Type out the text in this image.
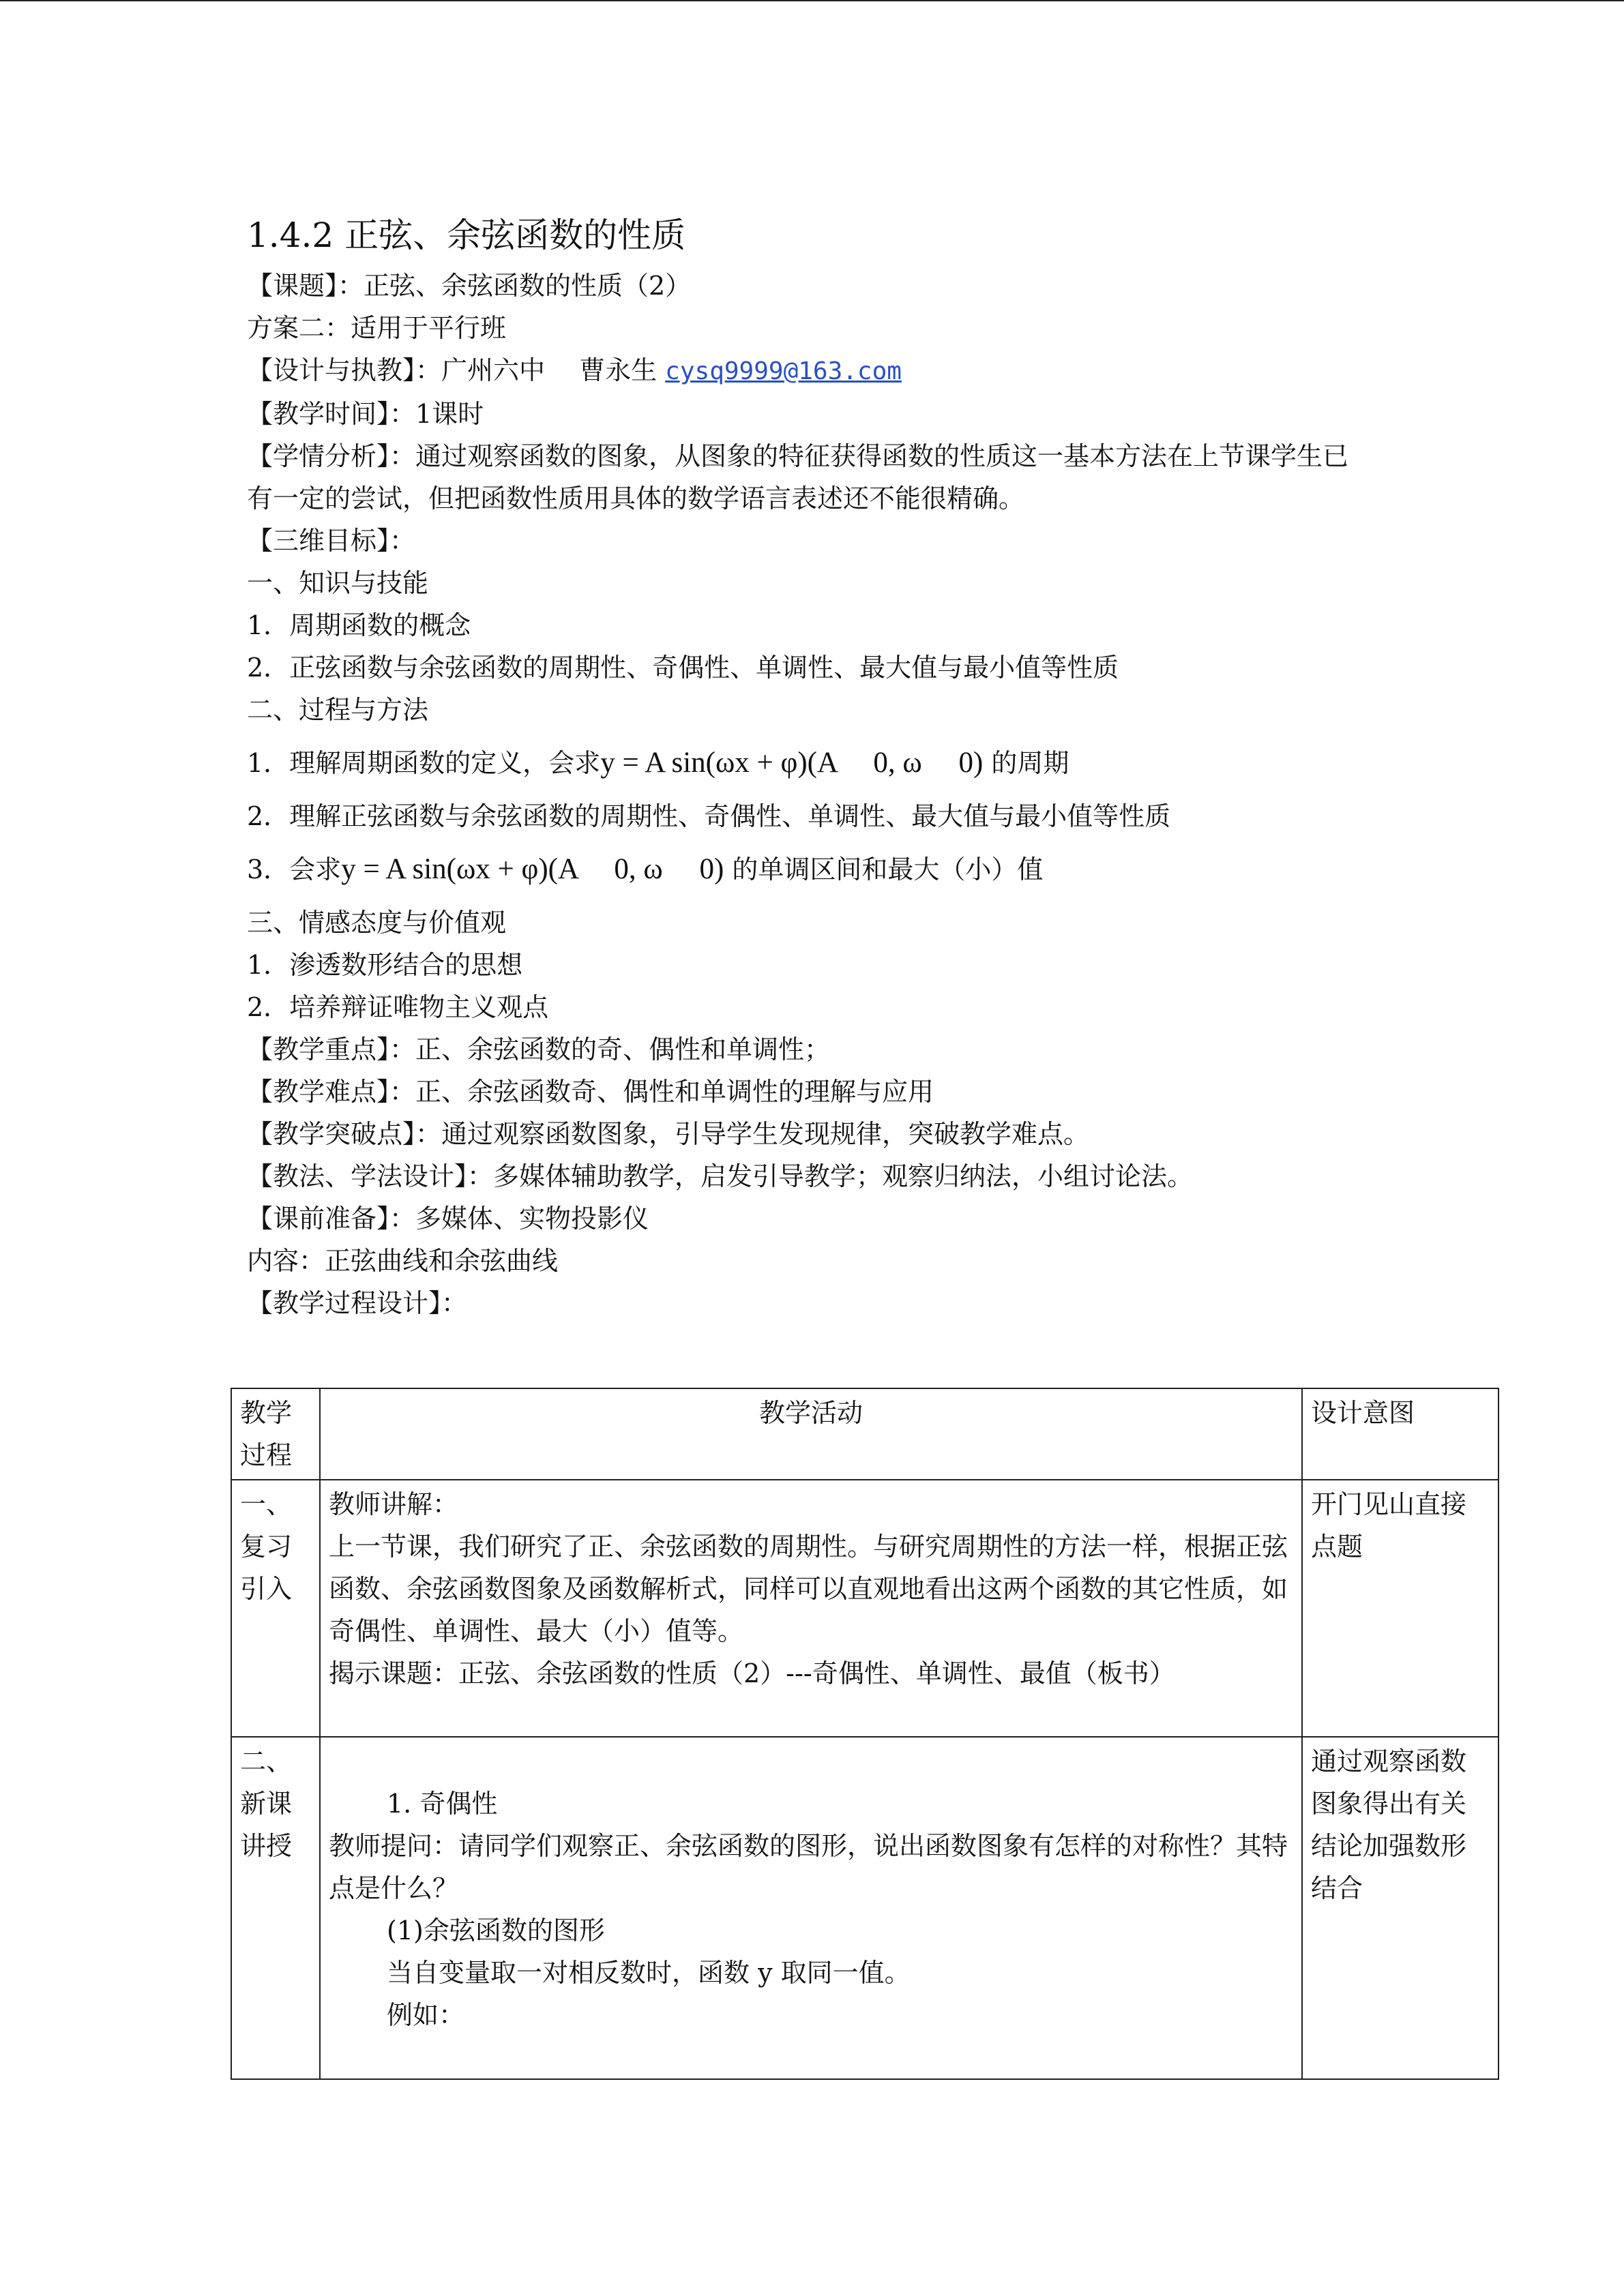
1.4.2 正弦、余弦函数的性质
【课题】：正弦、余弦函数的性质（2）
方案二：适用于平行班
【设计与执教】：广州六中　 曹永生 cysq9999@163.com
【教学时间】：1课时
【学情分析】：通过观察函数的图象，从图象的特征获得函数的性质这一基本方法在上节课学生已有一定的尝试，但把函数性质用具体的数学语言表述还不能很精确。
【三维目标】：
一、知识与技能
1．周期函数的概念
2．正弦函数与余弦函数的周期性、奇偶性、单调性、最大值与最小值等性质
二、过程与方法
1．理解周期函数的定义，会求y = A sin(ωx + φ)(A 　0, ω 　0) 的周期
2．理解正弦函数与余弦函数的周期性、奇偶性、单调性、最大值与最小值等性质
3．会求y = A sin(ωx + φ)(A 　0, ω 　0) 的单调区间和最大（小）值
三、情感态度与价值观
1．渗透数形结合的思想
2．培养辩证唯物主义观点
【教学重点】：正、余弦函数的奇、偶性和单调性；
【教学难点】：正、余弦函数奇、偶性和单调性的理解与应用
【教学突破点】：通过观察函数图象，引导学生发现规律，突破教学难点。
【教法、学法设计】：多媒体辅助教学，启发引导教学；观察归纳法，小组讨论法。
【课前准备】：多媒体、实物投影仪
内容：正弦曲线和余弦曲线
【教学过程设计】：
教学过程	教学活动	设计意图
一、复习引入	教师讲解：
上一节课，我们研究了正、余弦函数的周期性。与研究周期性的方法一样，根据正弦函数、余弦函数图象及函数解析式，同样可以直观地看出这两个函数的其它性质，如奇偶性、单调性、最大（小）值等。
揭示课题：正弦、余弦函数的性质（2）---奇偶性、单调性、最值（板书）	开门见山直接点题
二、新课讲授	1. 奇偶性
教师提问：请同学们观察正、余弦函数的图形，说出函数图象有怎样的对称性？其特点是什么？
(1)余弦函数的图形
当自变量取一对相反数时，函数 y 取同一值。
例如：	通过观察函数图象得出有关结论加强数形结合
